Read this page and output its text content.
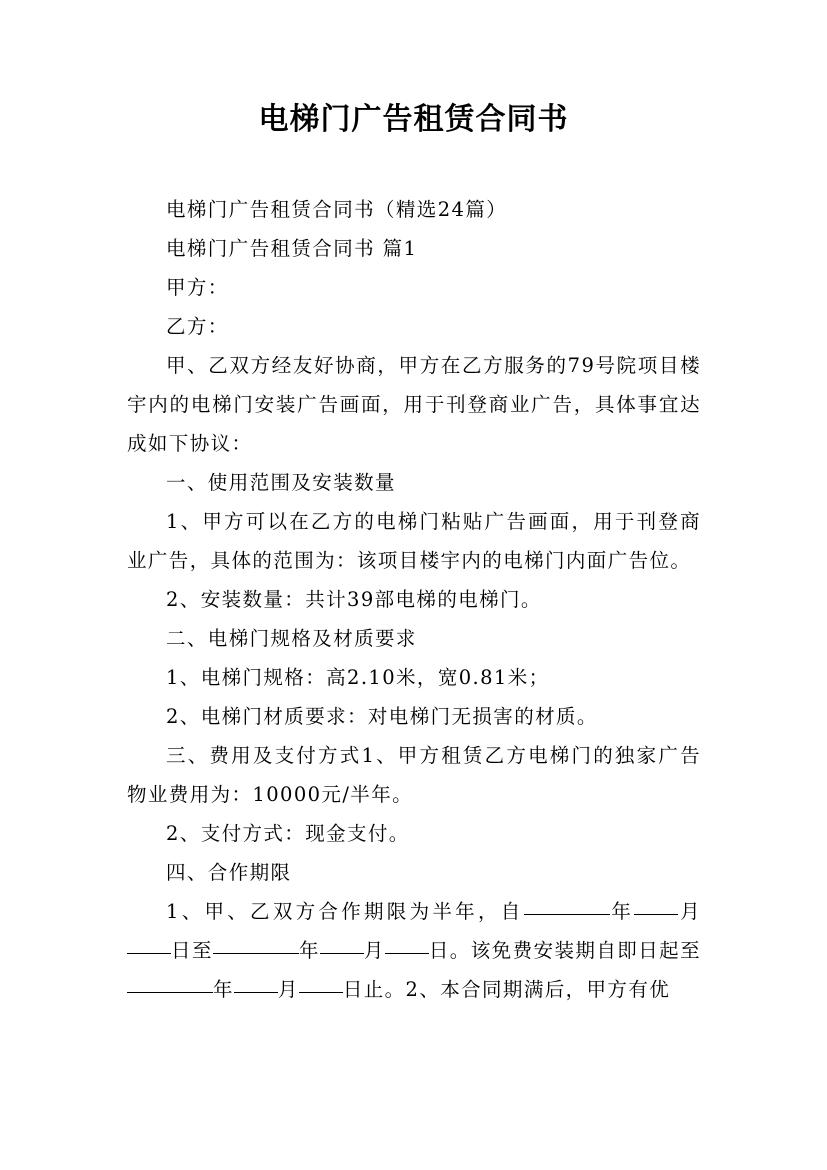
电梯门广告租赁合同书

电梯门广告租赁合同书（精选24篇）

电梯门广告租赁合同书 篇1

甲方：

乙方：

甲、乙双方经友好协商，甲方在乙方服务的79号院项目楼宇内的电梯门安装广告画面，用于刊登商业广告，具体事宜达成如下协议：

一、使用范围及安装数量

1、甲方可以在乙方的电梯门粘贴广告画面，用于刊登商业广告，具体的范围为：该项目楼宇内的电梯门内面广告位。

2、安装数量：共计39部电梯的电梯门。

二、电梯门规格及材质要求

1、电梯门规格：高2.10米，宽0.81米；

2、电梯门材质要求：对电梯门无损害的材质。

三、费用及支付方式1、甲方租赁乙方电梯门的独家广告物业费用为：10000元/半年。

2、支付方式：现金支付。

四、合作期限

1、甲、乙双方合作期限为半年，自	年 月日至	年 月 日。该免费安装期自即日起至年 月 日止。2、本合同期满后，甲方有优
